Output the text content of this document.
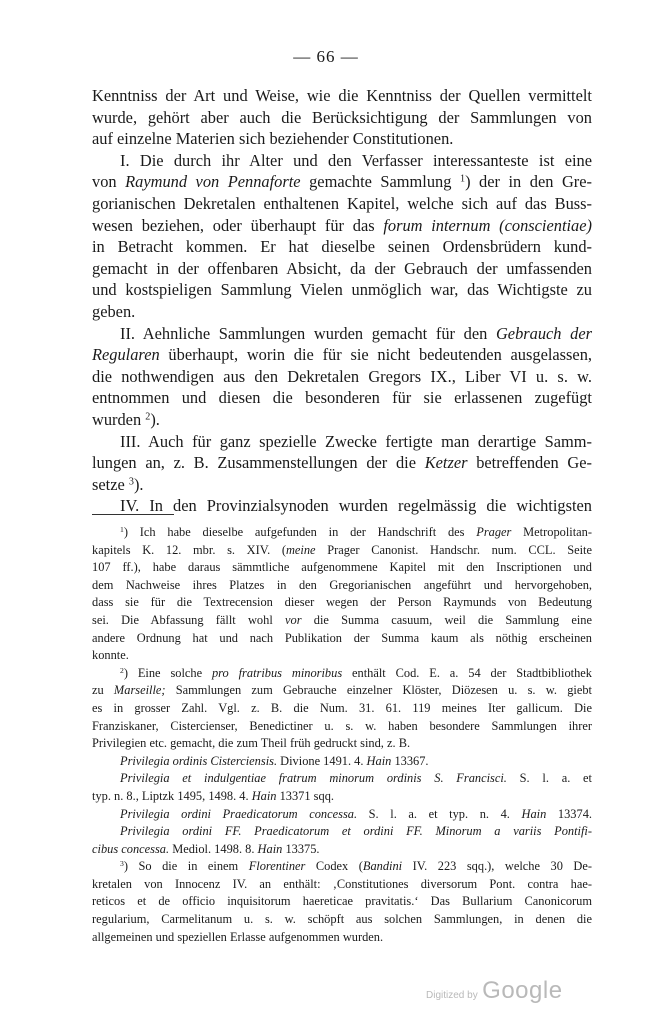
— 66 —
Kenntniss der Art und Weise, wie die Kenntniss der Quellen vermittelt
wurde, gehört aber auch die Berücksichtigung der Sammlungen von
auf einzelne Materien sich beziehender Constitutionen.
I. Die durch ihr Alter und den Verfasser interessanteste ist eine
von Raymund von Pennaforte gemachte Sammlung $^1$) der in den Gre-
gorianischen Dekretalen enthaltenen Kapitel, welche sich auf das Buss-
wesen beziehen, oder überhaupt für das forum internum (conscientiae)
in Betracht kommen. Er hat dieselbe seinen Ordensbrüdern kund-
gemacht in der offenbaren Absicht, da der Gebrauch der umfassenden
und kostspieligen Sammlung Vielen unmöglich war, das Wichtigste zu
geben.
II. Aehnliche Sammlungen wurden gemacht für den Gebrauch der
Regularen überhaupt, worin die für sie nicht bedeutenden ausgelassen,
die nothwendigen aus den Dekretalen Gregors IX., Liber VI u. s. w.
entnommen und diesen die besonderen für sie erlassenen zugefügt
wurden $^2$).
III. Auch für ganz spezielle Zwecke fertigte man derartige Samm-
lungen an, z. B. Zusammenstellungen der die Ketzer betreffenden Ge-
setze $^3$).
IV. In den Provinzialsynoden wurden regelmässig die wichtigsten
$^1$) Ich habe dieselbe aufgefunden in der Handschrift des Prager Metropolitan-
kapitels K. 12. mbr. s. XIV. (meine Prager Canonist. Handschr. num. CCL. Seite
107 ff.), habe daraus sämmtliche aufgenommene Kapitel mit den Inscriptionen und
dem Nachweise ihres Platzes in den Gregorianischen angeführt und hervorgehoben,
dass sie für die Textrecension dieser wegen der Person Raymunds von Bedeutung
sei. Die Abfassung fällt wohl vor die Summa casuum, weil die Sammlung eine
andere Ordnung hat und nach Publikation der Summa kaum als nöthig erscheinen
konnte.
$^2$) Eine solche pro fratribus minoribus enthält Cod. E. a. 54 der Stadtbibliothek
zu Marseille; Sammlungen zum Gebrauche einzelner Klöster, Diözesen u. s. w. giebt
es in grosser Zahl. Vgl. z. B. die Num. 31. 61. 119 meines Iter gallicum. Die
Franziskaner, Cistercienser, Benedictiner u. s. w. haben besondere Sammlungen ihrer
Privilegien etc. gemacht, die zum Theil früh gedruckt sind, z. B.
Privilegia ordinis Cisterciensis. Divione 1491. 4. Hain 13367.
Privilegia et indulgentiae fratrum minorum ordinis S. Francisci. S. l. a. et
typ. n. 8., Liptzk 1495, 1498. 4. Hain 13371 sqq.
Privilegia ordini Praedicatorum concessa. S. l. a. et typ. n. 4. Hain 13374.
Privilegia ordini FF. Praedicatorum et ordini FF. Minorum a variis Pontifi-
cibus concessa. Mediol. 1498. 8. Hain 13375.
$^3$) So die in einem Florentiner Codex (Bandini IV. 223 sqq.), welche 30 De-
kretalen von Innocenz IV. an enthält: ‚Constitutiones diversorum Pont. contra hae-
reticos et de officio inquisitorum haereticae pravitatis.‘ Das Bullarium Canonicorum
regularium, Carmelitanum u. s. w. schöpft aus solchen Sammlungen, in denen die
allgemeinen und speziellen Erlasse aufgenommen wurden.
Digitized by Google
